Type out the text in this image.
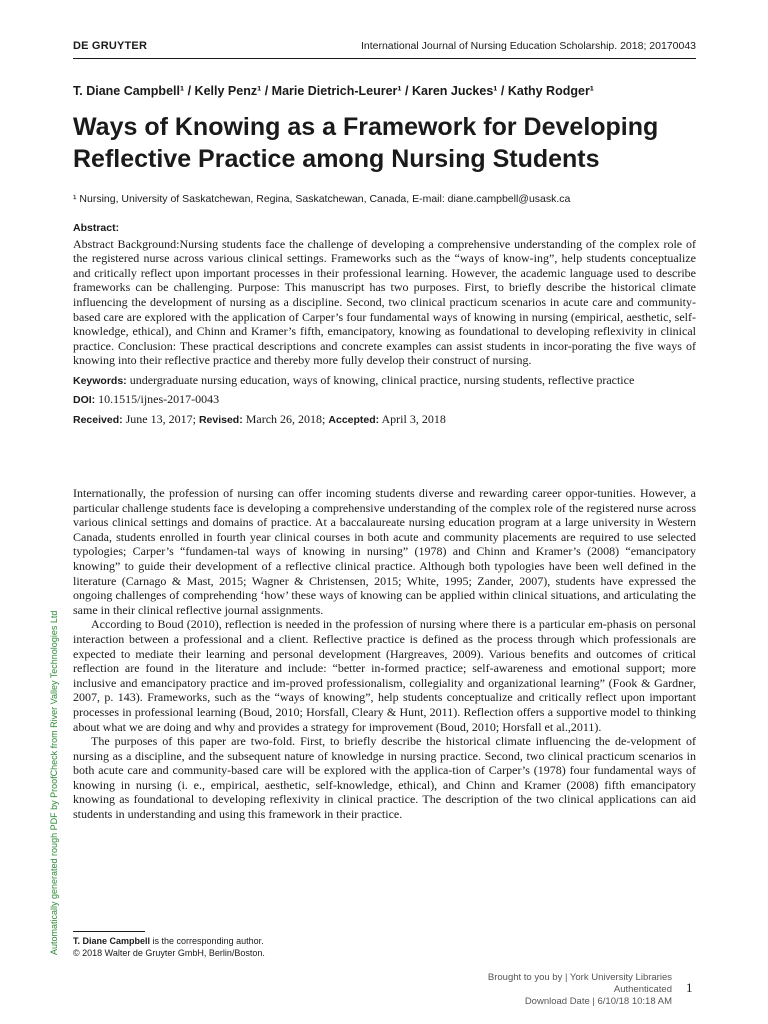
DE GRUYTER	International Journal of Nursing Education Scholarship. 2018; 20170043
T. Diane Campbell¹ / Kelly Penz¹ / Marie Dietrich-Leurer¹ / Karen Juckes¹ / Kathy Rodger¹
Ways of Knowing as a Framework for Developing Reflective Practice among Nursing Students
¹ Nursing, University of Saskatchewan, Regina, Saskatchewan, Canada, E-mail: diane.campbell@usask.ca

Abstract:

Abstract Background:Nursing students face the challenge of developing a comprehensive understanding of the complex role of the registered nurse across various clinical settings. Frameworks such as the “ways of know-ing”, help students conceptualize and critically reflect upon important processes in their professional learning. However, the academic language used to describe frameworks can be challenging. Purpose: This manuscript has two purposes. First, to briefly describe the historical climate influencing the development of nursing as a discipline. Second, two clinical practicum scenarios in acute care and community-based care are explored with the application of Carper’s four fundamental ways of knowing in nursing (empirical, aesthetic, self-knowledge, ethical), and Chinn and Kramer’s fifth, emancipatory, knowing as foundational to developing reflexivity in clinical practice. Conclusion: These practical descriptions and concrete examples can assist students in incor-porating the five ways of knowing into their reflective practice and thereby more fully develop their construct of nursing.

Keywords: undergraduate nursing education, ways of knowing, clinical practice, nursing students, reflective practice

DOI: 10.1515/ijnes-2017-0043

Received: June 13, 2017; Revised: March 26, 2018; Accepted: April 3, 2018

Internationally, the profession of nursing can offer incoming students diverse and rewarding career oppor-tunities. However, a particular challenge students face is developing a comprehensive understanding of the complex role of the registered nurse across various clinical settings and domains of practice. At a baccalaureate nursing education program at a large university in Western Canada, students enrolled in fourth year clinical courses in both acute and community placements are required to use selected typologies; Carper’s “fundamen-tal ways of knowing in nursing” (1978) and Chinn and Kramer’s (2008) “emancipatory knowing” to guide their development of a reflective clinical practice. Although both typologies have been well defined in the literature (Carnago & Mast, 2015; Wagner & Christensen, 2015; White, 1995; Zander, 2007), students have expressed the ongoing challenges of comprehending ‘how’ these ways of knowing can be applied within clinical situations, and articulating the same in their clinical reflective journal assignments.

According to Boud (2010), reflection is needed in the profession of nursing where there is a particular em-phasis on personal interaction between a professional and a client. Reflective practice is defined as the process through which professionals are expected to mediate their learning and personal development (Hargreaves, 2009). Various benefits and outcomes of critical reflection are found in the literature and include: “better in-formed practice; self-awareness and emotional support; more inclusive and emancipatory practice and im-proved professionalism, collegiality and organizational learning” (Fook & Gardner, 2007, p. 143). Frameworks, such as the “ways of knowing”, help students conceptualize and critically reflect upon important processes in professional learning (Boud, 2010; Horsfall, Cleary & Hunt, 2011). Reflection offers a supportive model to thinking about what we are doing and why and provides a strategy for improvement (Boud, 2010; Horsfall et al.,2011).

The purposes of this paper are two-fold. First, to briefly describe the historical climate influencing the de-velopment of nursing as a discipline, and the subsequent nature of knowledge in nursing practice. Second, two clinical practicum scenarios in both acute care and community-based care will be explored with the applica-tion of Carper’s (1978) four fundamental ways of knowing in nursing (i. e., empirical, aesthetic, self-knowledge, ethical), and Chinn and Kramer (2008) fifth emancipatory knowing as foundational to developing reflexivity in clinical practice. The description of the two clinical applications can aid students in understanding and using this framework in their practice.

Automatically generated rough PDF by ProofCheck from River Valley Technologies Ltd T. Diane Campbell is the corresponding author.

© 2018 Walter de Gruyter GmbH, Berlin/Boston.

Brought to you by | York University Libraries

Authenticated

Download Date | 6/10/18 10:18 AM

1
